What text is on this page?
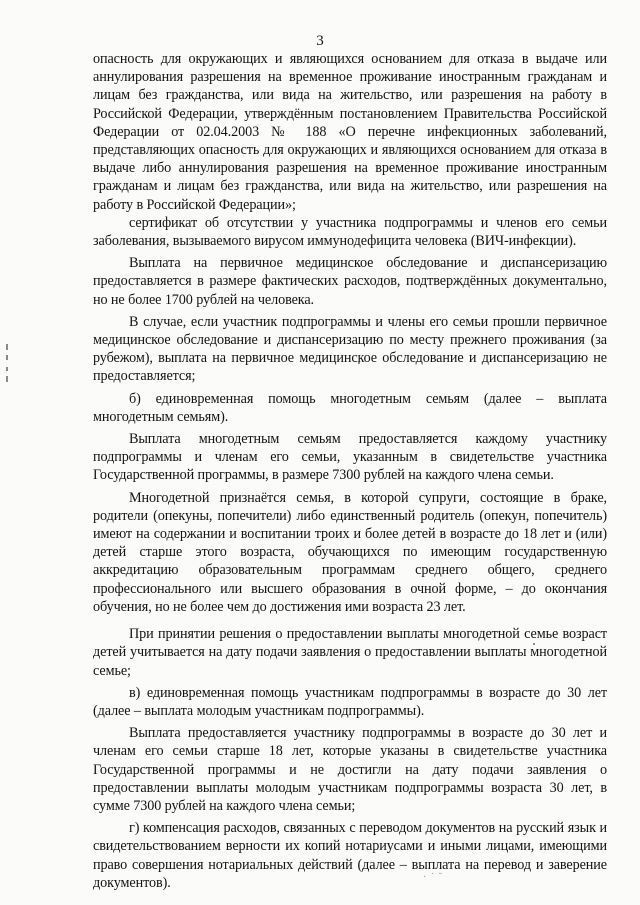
3

опасность для окружающих и являющихся основанием для отказа в выдаче или аннулирования разрешения на временное проживание иностранным гражданам и лицам без гражданства, или вида на жительство, или разрешения на работу в Российской Федерации, утверждённым постановлением Правительства Российской Федерации от 02.04.2003 № 188 «О перечне инфекционных заболеваний, представляющих опасность для окружающих и являющихся основанием для отказа в выдаче либо аннулирования разрешения на временное проживание иностранным гражданам и лицам без гражданства, или вида на жительство, или разрешения на работу в Российской Федерации»;

сертификат об отсутствии у участника подпрограммы и членов его семьи заболевания, вызываемого вирусом иммунодефицита человека (ВИЧ-инфекции).

Выплата на первичное медицинское обследование и диспансеризацию предоставляется в размере фактических расходов, подтверждённых документально, но не более 1700 рублей на человека.

В случае, если участник подпрограммы и члены его семьи прошли первичное медицинское обследование и диспансеризацию по месту прежнего проживания (за рубежом), выплата на первичное медицинское обследование и диспансеризацию не предоставляется;

б) единовременная помощь многодетным семьям (далее – выплата многодетным семьям).

Выплата многодетным семьям предоставляется каждому участнику подпрограммы и членам его семьи, указанным в свидетельстве участника Государственной программы, в размере 7300 рублей на каждого члена семьи.

Многодетной признаётся семья, в которой супруги, состоящие в браке, родители (опекуны, попечители) либо единственный родитель (опекун, попечитель) имеют на содержании и воспитании троих и более детей в возрасте до 18 лет и (или) детей старше этого возраста, обучающихся по имеющим государственную аккредитацию образовательным программам среднего общего, среднего профессионального или высшего образования в очной форме, – до окончания обучения, но не более чем до достижения ими возраста 23 лет.

При принятии решения о предоставлении выплаты многодетной семье возраст детей учитывается на дату подачи заявления о предоставлении выплаты многодетной семье;

в) единовременная помощь участникам подпрограммы в возрасте до 30 лет (далее – выплата молодым участникам подпрограммы).

Выплата предоставляется участнику подпрограммы в возрасте до 30 лет и членам его семьи старше 18 лет, которые указаны в свидетельстве участника Государственной программы и не достигли на дату подачи заявления о предоставлении выплаты молодым участникам подпрограммы возраста 30 лет, в сумме 7300 рублей на каждого члена семьи;

г) компенсация расходов, связанных с переводом документов на русский язык и свидетельствованием верности их копий нотариусами и иными лицами, имеющими право совершения нотариальных действий (далее – выплата на перевод и заверение документов).	· ˙ ˘
